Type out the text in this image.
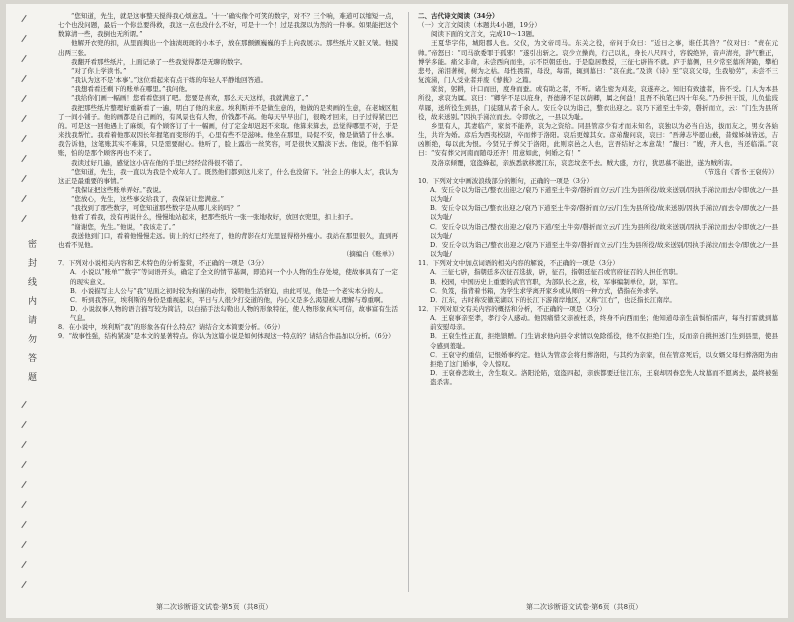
密 封 线 内 请 勿 答 题

“您知道，先生，就是这事整天搅得我心烦意乱。‘十一’确实像个可笑的数字，对不？三个响，难道可以缩短一点，七个也没问题，最后一个你总要得救，我这一点也没什么不好，可是十一个！过足我深以为然的一件事。如果能把这个数算清一些，我倒也无所谓。”

他解开衣兜的扣，从里面掏出一个油渍斑斑的小本子，放在那颤颤巍巍的手上向我展示。那些纸片又脏又皱。他摸出两三张。

我翻开看那些纸片，上面记录了一些我觉得都是无聊的数字。

“对了你上学读书。”

“我认为这不是‘本事’。”这位看起来有点干练的年轻人平静地回答道。

“我想看看还剩下的账单在哪里。”我问他。

“我给你们画一幅画！您看看您到了吧。您要是喜欢，那么天天这样，我就满意了。”

我把那些纸片整理好重新看了一遍，明白了他的来意。埃利斯并不是做生意的，他做的是卖画的生意，在老城区租了一间小铺子。他的画都是自己画的，有风景也有人物，价钱都不高。他每天早早出门，很晚才回来，日子过得紧巴巴的。可是这一回他遇上了麻烦，有个顾客订了十一幅画，付了定金却迟迟不来取。他算来算去，总觉得哪里不对，于是来找我帮忙。我看着他那双因长年握笔而变形的手，心里有些不是滋味。他坐在那里，局促不安，像是做错了什么事。我告诉他，这笔账其实不难算，只是需要耐心。他听了，脸上露出一丝笑容，可是很快又黯淡下去。他说，他不怕算账，怕的是那个顾客再也不来了。

我读过好几遍，感觉这小店在他的手里已经经营得很不错了。

“您知道，先生，我一直以为我是个成年人了。既然他们都到这儿来了，什么也没留下。‘社会上的事人太’，我认为这正是最重要的事情。”

“我保证把这些账单弄好。”我说。

“您放心，先生，这些事交给我了，我保证让您满意。”

“我找到了那些数字，可您知道那些数字是从哪儿来的吗？”

他看了看我，没有再说什么，慢慢地站起来，把那些纸片一张一张地收好，放回衣兜里，扣上扣子。

“谢谢您，先生。”他说，“我该走了。”

我送他到门口，看着他慢慢走远。街上的灯已经亮了，他的背影在灯光里显得格外瘦小。我站在那里很久，直到再也看不见他。

（摘编自《账单》）

7．下列对小说相关内容和艺术特色的分析鉴赏，不正确的一项是（3分）

A．小说以“账单”“数字”等词语开头，确定了全文的情节基调，即追问一个小人物的生存处境，使故事具有了一定的现实意义。

B．小说描写主人公与“我”见面之初时较为拘谨的动作，说明他生活窘迫，由此可见，他是一个老实本分的人。

C．听到我答应，埃利斯的身份是重视起来，平日与人很少打交道的他，内心又是多么渴望被人理解与尊重啊。

D．小说叙事人物的语言描写较为简洁，以白描手法勾勒出人物的形象特征，使人物形象真实可信，故事富有生活气息。

8．在小说中，埃利斯“我”的形象各有什么特点？请结合文本简要分析。（6分）

9．“故事性强，结构紧凑”是本文的显著特点。你认为这篇小说是如何体现这一特点的？请结合作品加以分析。（6分）

二、古代诗文阅读（34分）

（一）文言文阅读（本题共4小题，19分）

阅读下面的文言文，完成10～13题。

王夏华字伟，城阳郡人也。父仪，为文帝司马。东关之役，帝问于众曰：“近日之事，谁任其咎？”仪对曰：“责在元帅。”帝怒曰：“司马欲委罪于孤邪！”遂引出斩之。哀少立操尚，行己以礼，身长八尺四寸，容貌绝异，音声清亮，辞气雅正，博学多能。痛父非命，未尝西向而坐，示不臣朝廷也。于是隐居教授，三征七辟皆不就。庐于墓侧，旦夕常至墓所拜跪，攀柏悲号，涕泪著树，树为之枯。母性畏雷，母没，每雷，辄到墓曰：“哀在此。”及读《诗》至“哀哀父母，生我劬劳”，未尝不三复流涕，门人受业者并废《蓼莪》之篇。

家贫，躬耕，计口而田，度身而蚕。或有助之者，不听。诸生密为刈麦，哀遂弃之。知旧有致遗者，皆不受。门人为本县所役，求哀为属。哀曰：“卿学不足以庇身，吾德薄不足以荫卿，属之何益！且吾不执笔已四十年矣。”乃步担干饭，儿负盐豉草屦，送所役生到县，门徒随从者千余人。安丘令以为诣己，整衣出迎之。哀乃下道至土牛旁，磬折而立，云：“门生为县所役，故来送别。”因执手涕泣而去。令即放之，一县以为耻。

乡里有人，其妻临产，家贫不能养，哀为之资给。同县管彦少有才而未知名，哀独以为必当自达，拔而友之，男女各始生，共许为婚。彦后为西夷校尉，卒而葬于洛阳。哀后更嫁其女。彦弟馥问哀，哀曰：“吾薄志毕愿山薮，昔嫁姊妹皆远，吉凶断绝，每以此为恨。今贤兄子葬父于洛阳，此则京邑之人也，岂吾结好之本意哉！”馥曰：“嫂，齐人也，当还临淄。”哀曰：“安有葬父河南而随母还齐！用意如此，何婚之有！”

及洛京倾覆，寇盗蜂起，亲族悉欲移渡江东，哀恋坟垄不去。贼大盛，方行，犹思慕不能进，遂为贼所害。

（节选自《晋书·王裒传》）

10．下列对文中画波浪线部分的断句，正确的一项是（3分）

A．安丘令以为诣己/整衣出迎之/裒乃下道至土牛旁/磬折而立/云/门生为县所役/故来送别/因执手涕泣而去/令即放之/一县以为耻/

B．安丘令以为诣己/整衣出迎之/裒乃下道至土牛旁/磬折而立/云/门生为县所役/故来送别/因执手涕泣/而去令/即放之/一县以为耻/

C．安丘令以为诣己/整衣出迎之/裒乃下道/至土牛旁/磬折而立云/门生为县所役/故来送别/因执手涕泣而去/令即放之/一县以为耻/

D．安丘令以为诣己/整衣出迎之/裒乃下道至土牛旁/磬折而立云/门生为县所役/故来送别/因执手涕泣/而去令/即放之/一县以为耻/

11．下列对文中加点词语的相关内容的解说，不正确的一项是（3分）

A．三征七辟，指朝廷多次征召选拔，辟，征召，指朝廷征召或官府征召的人担任官职。

B．校园，中国历史上重要的武官官职，为部队长之意，校，军事编制单位，尉，军官。

C．负笈，指背着书箱，为学生求学离开家乡或从师的一种方式，借指在外求学。

D．江东，古时称安徽芜湖以下的长江下游南岸地区，又称“江右”，也泛指长江南岸。

12．下列对原文有关内容的概括和分析，不正确的一项是（3分）

A．王裒事亲至孝，孝行令人感动。他因痛惜父亲被枉杀，终身不向西而坐；他知道母亲生前惧怕雷声，每当打雷就到墓前安慰母亲。

B．王裒生性正直，拒绝馈赠。门生请求他向县令求情以免除徭役，他不仅拒绝门生，反而亲自挑担送门生到县里，使县令感到羞耻。

C．王裒守约重信，记恨婚事约定。他认为管彦会将归葬洛阳，与其约为亲家，但在管彦死后，以女婿父母归葬洛阳为由拒绝了这门婚事，令人惊叹。

D．王裒眷恋故土，舍生取义。洛阳沦陷，寇盗四起，亲族都要迁往江东，王裒却因眷恋先人坟墓而不愿离去，最终被强盗杀害。

第二次诊断语文试卷·第5页（共8页）	第二次诊断语文试卷·第6页（共8页）
